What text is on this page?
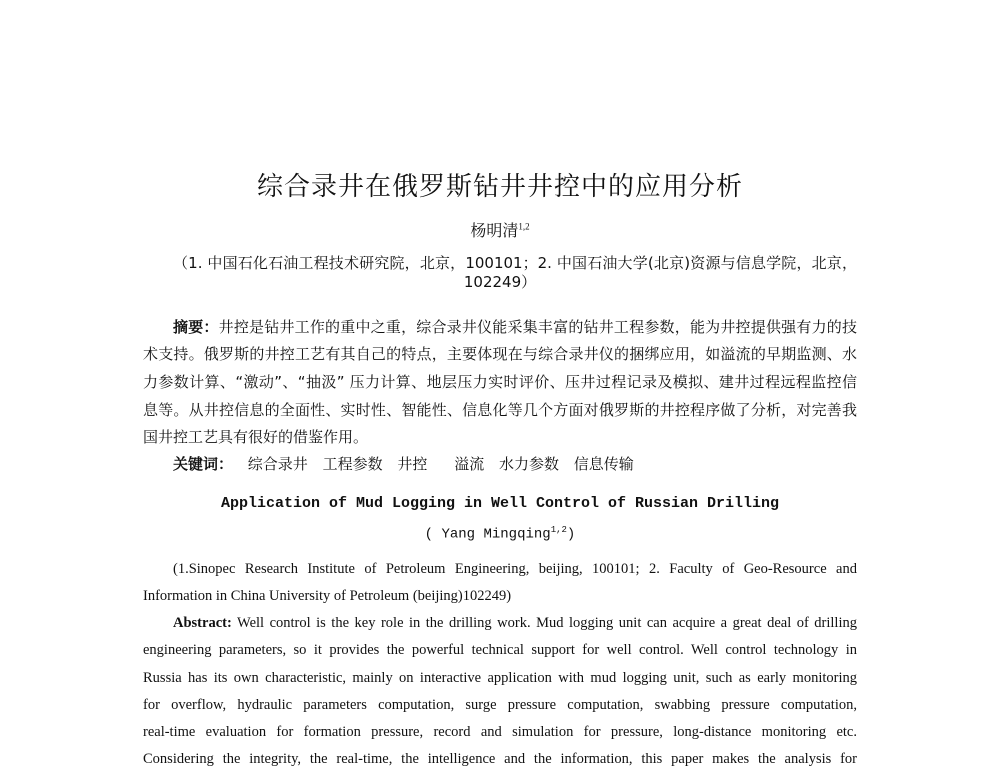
综合录井在俄罗斯钻井井控中的应用分析
杨明清$^{1,2}$
（1. 中国石化石油工程技术研究院，北京，100101；2. 中国石油大学(北京)资源与信息学院，北京，
102249）
摘要：井控是钻井工作的重中之重，综合录井仪能采集丰富的钻井工程参数，能为井控提供强有力的技
术支持。俄罗斯的井控工艺有其自己的特点，主要体现在与综合录井仪的捆绑应用，如溢流的早期监测、水
力参数计算、“激动”、“抽汲” 压力计算、地层压力实时评价、压井过程记录及模拟、建井过程远程监控信
息等。从井控信息的全面性、实时性、智能性、信息化等几个方面对俄罗斯的井控程序做了分析，对完善我
国井控工艺具有很好的借鉴作用。
关键词： 综合录井 工程参数 井控 溢流 水力参数 信息传输
Application of Mud Logging in Well Control of Russian Drilling
( Yang Mingqing$^{1,2}$)
(1.Sinopec Research Institute of Petroleum Engineering, beijing, 100101; 2. Faculty of Geo-Resource and
Information in China University of Petroleum (beijing)102249)
Abstract: Well control is the key role in the drilling work. Mud logging unit can acquire a great deal of drilling
engineering parameters, so it provides the powerful technical support for well control. Well control technology in
Russia has its own characteristic, mainly on interactive application with mud logging unit, such as early monitoring
for overflow, hydraulic parameters computation, surge pressure computation, swabbing pressure computation,
real-time evaluation for formation pressure, record and simulation for pressure, long-distance monitoring etc.
Considering the integrity, the real-time, the intelligence and the information, this paper makes the analysis for
